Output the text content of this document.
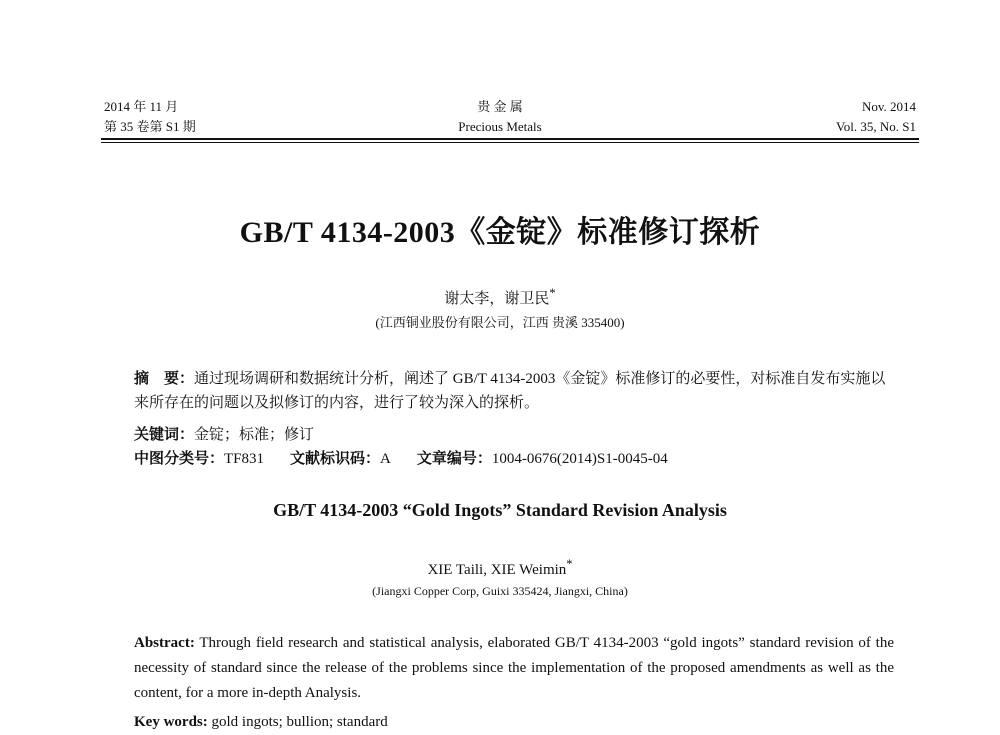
2014 年 11 月
第 35 卷第 S1 期
贵 金 属
Precious Metals
Nov. 2014
Vol. 35, No. S1
GB/T 4134-2003《金锭》标准修订探析
谢太李，谢卫民*
(江西铜业股份有限公司，江西 贵溪 335400)
摘　要：通过现场调研和数据统计分析，阐述了 GB/T 4134-2003《金锭》标准修订的必要性，对标准自发布实施以来所存在的问题以及拟修订的内容，进行了较为深入的探析。
关键词：金锭；标准；修订
中图分类号：TF831 文献标识码：A 文章编号：1004-0676(2014)S1-0045-04
GB/T 4134-2003 “Gold Ingots” Standard Revision Analysis
XIE Taili, XIE Weimin*
(Jiangxi Copper Corp, Guixi 335424, Jiangxi, China)
Abstract: Through field research and statistical analysis, elaborated GB/T 4134-2003 “gold ingots” standard revision of the necessity of standard since the release of the problems since the implementation of the proposed amendments as well as the content, for a more in-depth Analysis.
Key words: gold ingots; bullion; standard
